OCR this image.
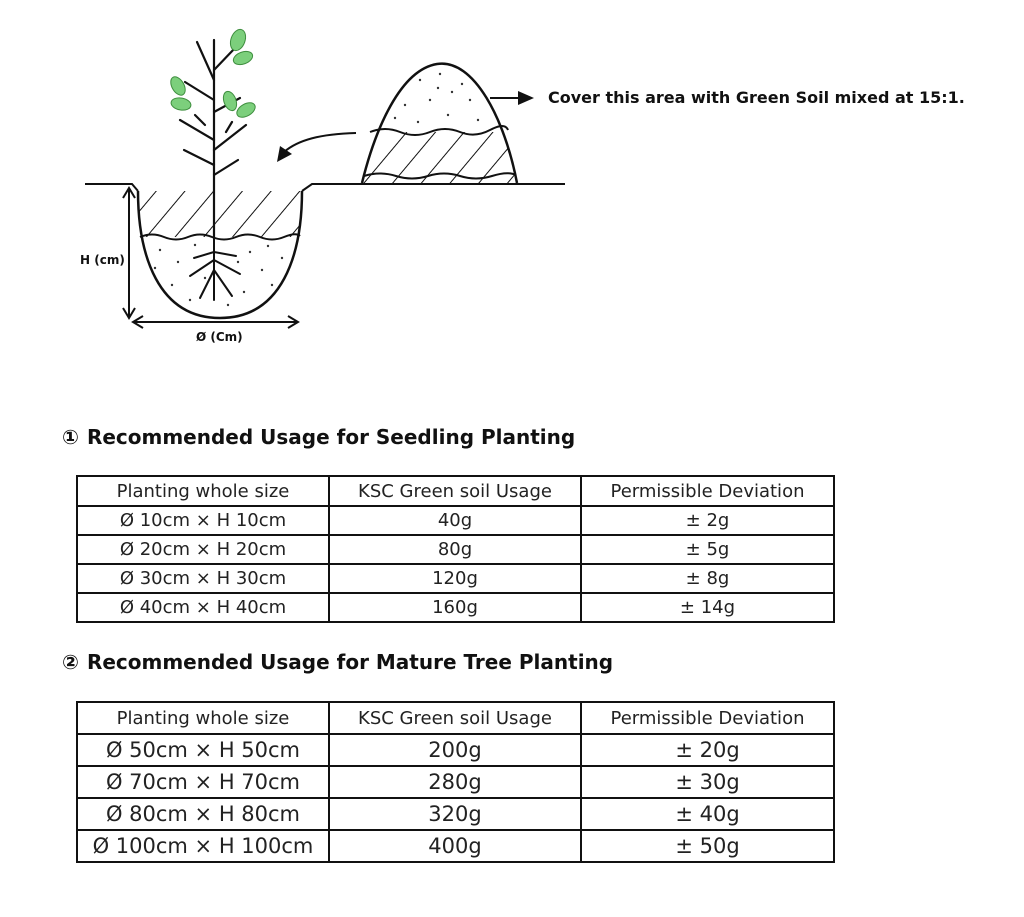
Cover this area with Green Soil mixed at 15:1.
H (cm)
Ø (Cm)
① Recommended Usage for Seedling Planting
Planting whole size	KSC Green soil Usage	Permissible Deviation
Ø 10cm × H 10cm	40g	± 2g
Ø 20cm × H 20cm	80g	± 5g
Ø 30cm × H 30cm	120g	± 8g
Ø 40cm × H 40cm	160g	± 14g
② Recommended Usage for Mature Tree Planting
Planting whole size	KSC Green soil Usage	Permissible Deviation
Ø 50cm × H 50cm	200g	± 20g
Ø 70cm × H 70cm	280g	± 30g
Ø 80cm × H 80cm	320g	± 40g
Ø 100cm × H 100cm	400g	± 50g
